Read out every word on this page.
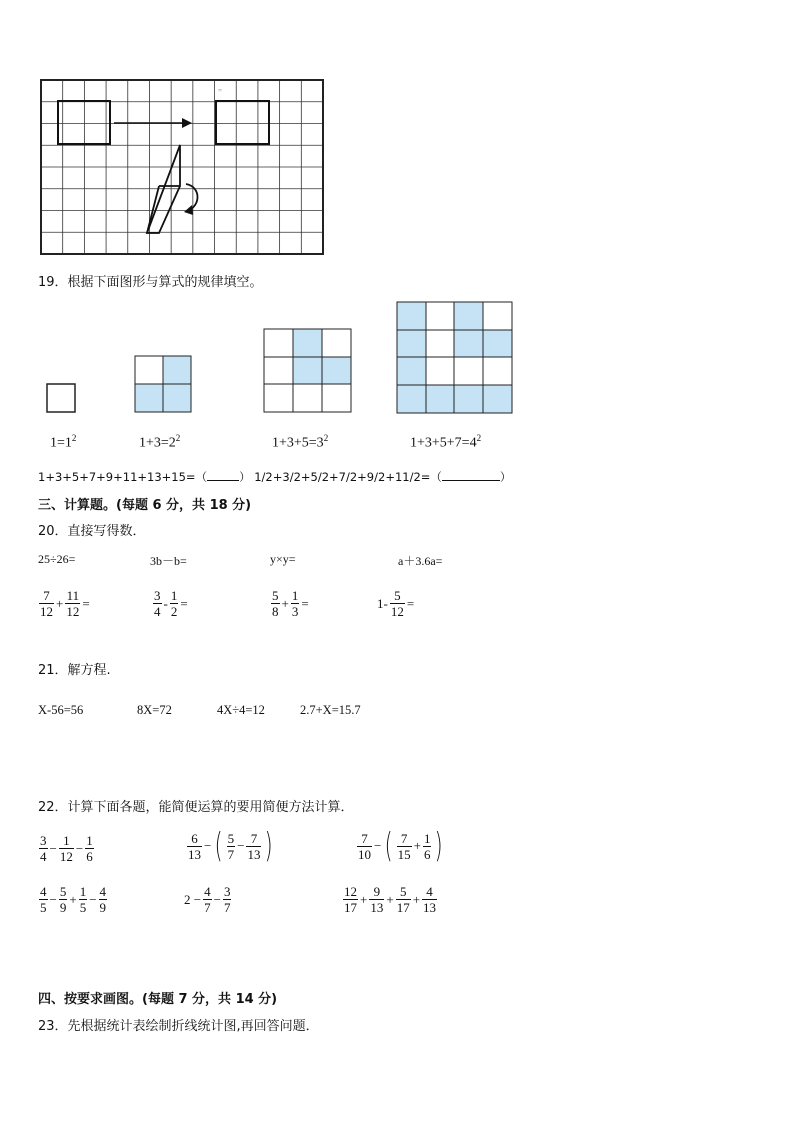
ꟸ
19．根据下面图形与算式的规律填空。
$1=1^2$	$1+3=2^2$	$1+3+5=3^2$	$1+3+5+7=4^2$
1+3+5+7+9+11+13+15=（	） 1/2+3/2+5/2+7/2+9/2+11/2=（	）
三、计算题。(每题 6 分，共 18 分)
20．直接写得数．
25÷26=	3b－b=	y×y=	a＋3.6a=
$\frac{7}{12} + \frac{11}{12}$ =	$\frac{3}{4} - \frac{1}{2}$ =	$\frac{5}{8} + \frac{1}{3}$ =	$1- \frac{5}{12}$ =
21．解方程.
X-56=56	8X=72	4X÷4=12	2.7+X=15.7
22．计算下面各题，能简便运算的要用简便方法计算．
$\frac{3}{4} - \frac{1}{12} - \frac{1}{6}$	$\frac{6}{13}$ − ( $\frac{5}{7} - \frac{7}{13}$ )	$\frac{7}{10}$ − ( $\frac{7}{15} + \frac{1}{6}$ )
$\frac{4}{5} - \frac{5}{9} + \frac{1}{5} - \frac{4}{9}$	$2 - \frac{4}{7} - \frac{3}{7}$	$\frac{12}{17} + \frac{9}{13} + \frac{5}{17} + \frac{4}{13}$
四、按要求画图。(每题 7 分，共 14 分)
23．先根据统计表绘制折线统计图,再回答问题．
